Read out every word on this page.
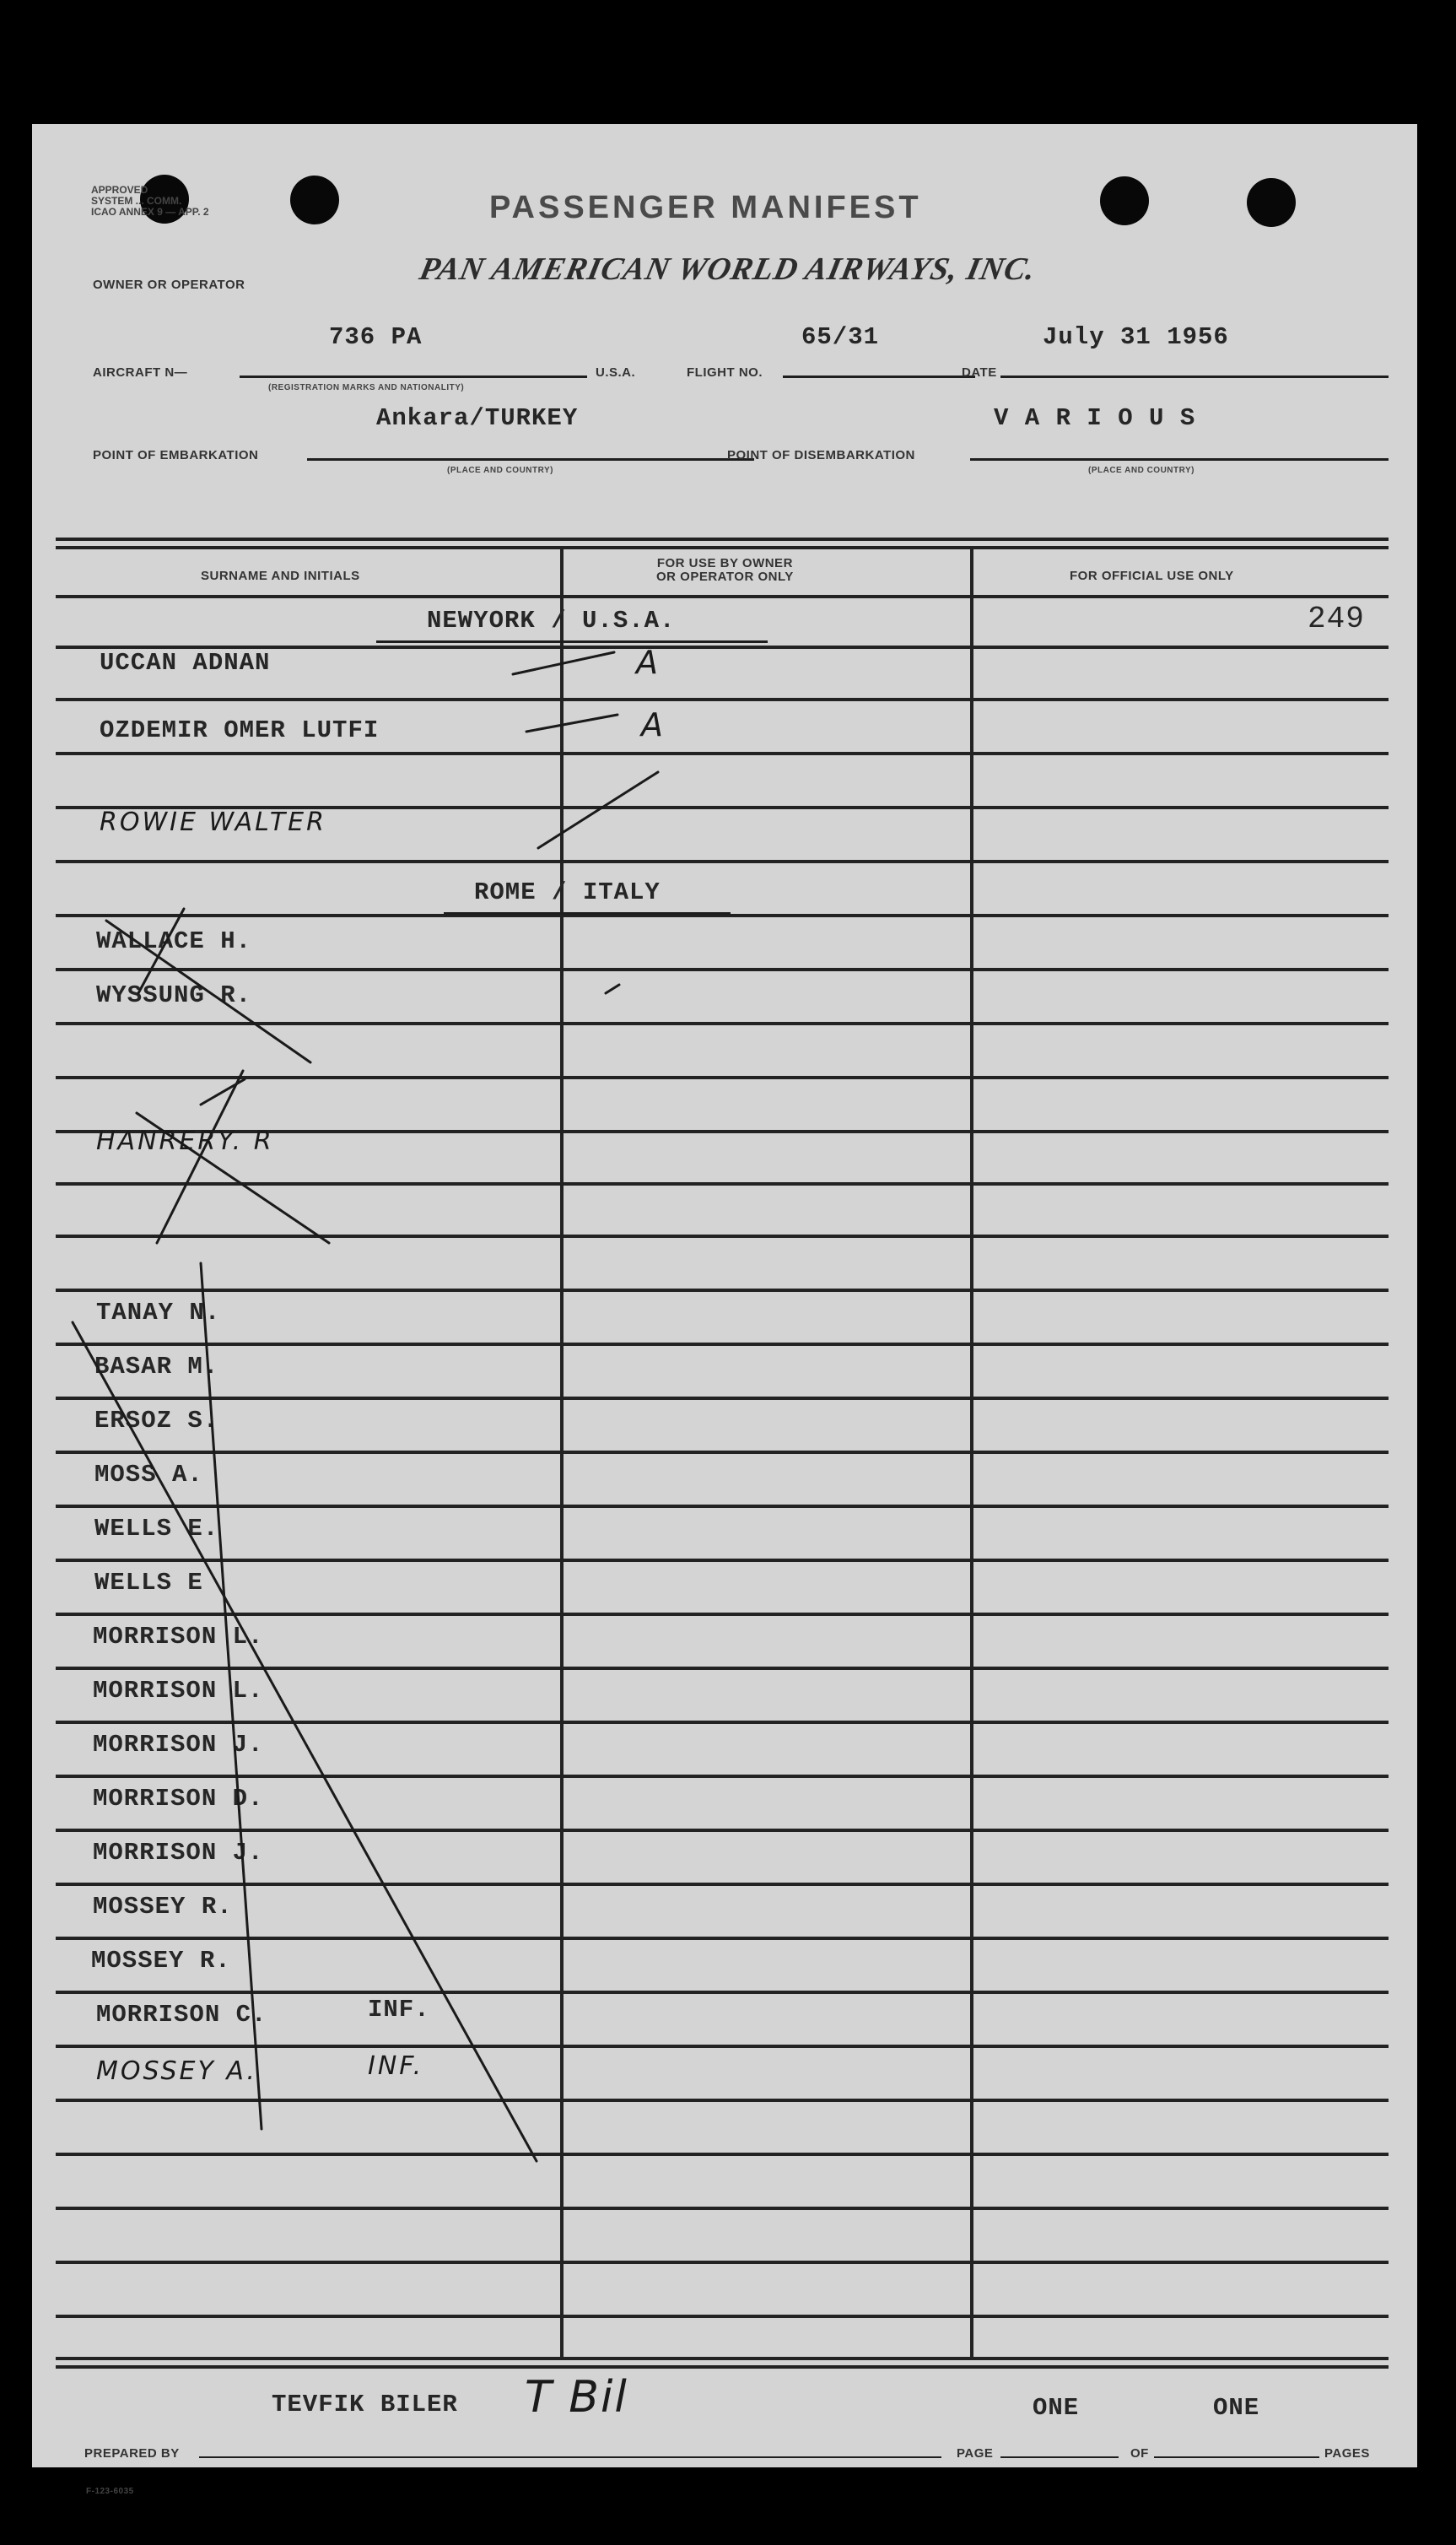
APPROVED
SYSTEM ... COMM.
ICAO ANNEX 9 — APP. 2	PASSENGER MANIFEST
OWNER OR OPERATOR	PAN AMERICAN WORLD AIRWAYS, INC.
736 PA
AIRCRAFT N—
(REGISTRATION MARKS AND NATIONALITY)
U.S.A.	FLIGHT NO.
65/31
DATE
July 31 1956
Ankara/TURKEY
POINT OF EMBARKATION
(PLACE AND COUNTRY)
POINT OF DISEMBARKATION
V A R I O U S
(PLACE AND COUNTRY)
SURNAME AND INITIALS
FOR USE BY OWNER
OR OPERATOR ONLY	FOR OFFICIAL USE ONLY
NEWYORK / U.S.A.	249
ROME / ITALY
UCCAN ADNAN	A
OZDEMIR OMER LUTFI	A
ROWIE WALTER
WALLACE H.
WYSSUNG R.
HANRERY. R
TANAY N.
BASAR M.
ERSOZ S.
MOSS A.
WELLS E.
WELLS E
MORRISON L.
MORRISON L.
MORRISON J.
MORRISON D.
MORRISON J.
MOSSEY R.
MOSSEY R.
MORRISON C.	INF.
MOSSEY A.	INF.
TEVFIK BILER
PREPARED BY
T Bil	ONE
PAGE	OF
ONE
PAGES
F-123-6035
